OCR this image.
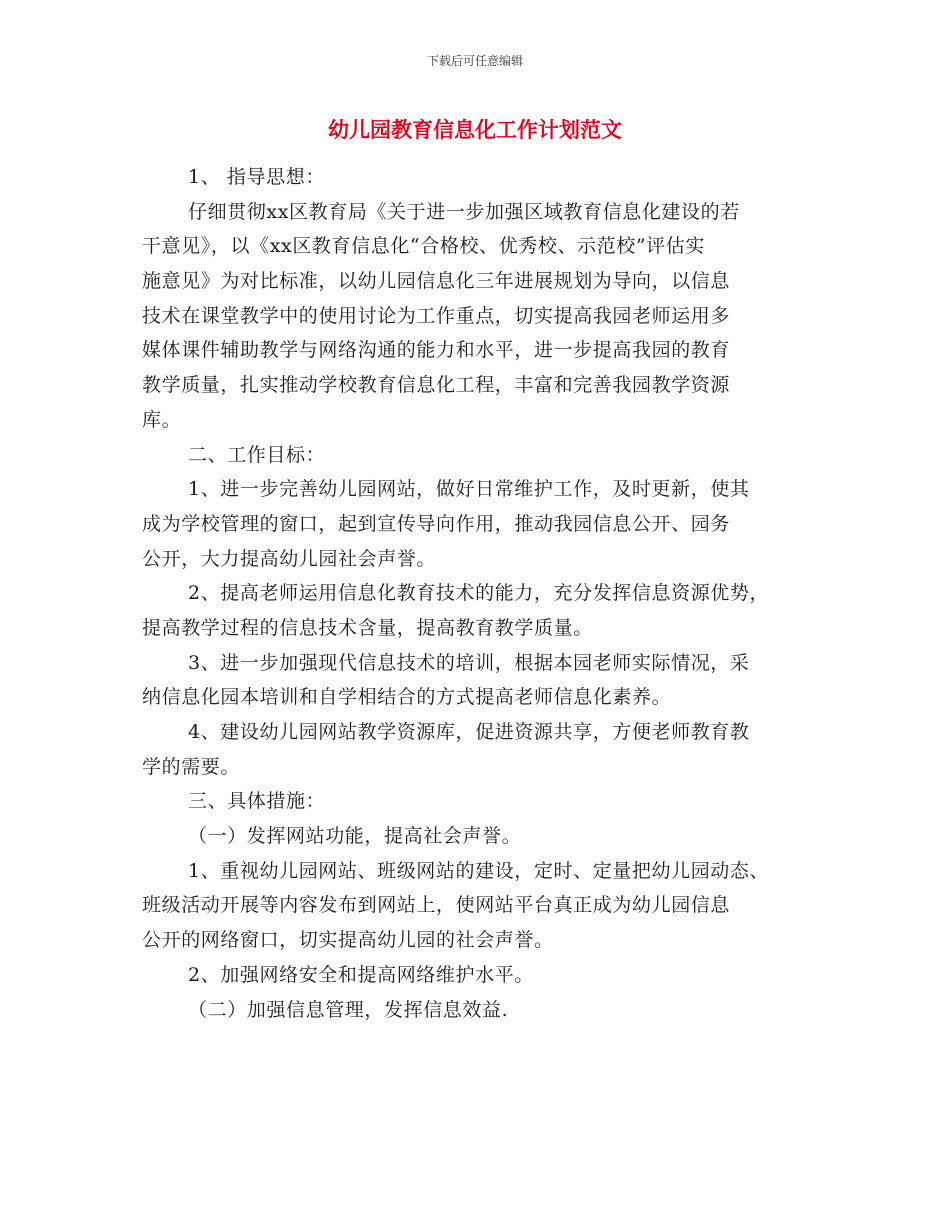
下载后可任意编辑
幼儿园教育信息化工作计划范文
1、 指导思想：
仔细贯彻xx区教育局《关于进一步加强区域教育信息化建设的若
干意见》，以《xx区教育信息化“合格校、优秀校、示范校”评估实
施意见》为对比标准，以幼儿园信息化三年进展规划为导向，以信息
技术在课堂教学中的使用讨论为工作重点，切实提高我园老师运用多
媒体课件辅助教学与网络沟通的能力和水平，进一步提高我园的教育
教学质量，扎实推动学校教育信息化工程，丰富和完善我园教学资源
库。
二、工作目标：
1、进一步完善幼儿园网站，做好日常维护工作，及时更新，使其
成为学校管理的窗口，起到宣传导向作用，推动我园信息公开、园务
公开，大力提高幼儿园社会声誉。
2、提高老师运用信息化教育技术的能力，充分发挥信息资源优势，
提高教学过程的信息技术含量，提高教育教学质量。
3、进一步加强现代信息技术的培训，根据本园老师实际情况，采
纳信息化园本培训和自学相结合的方式提高老师信息化素养。
4、建设幼儿园网站教学资源库，促进资源共享，方便老师教育教
学的需要。
三、具体措施：
（一）发挥网站功能，提高社会声誉。
1、重视幼儿园网站、班级网站的建设，定时、定量把幼儿园动态、
班级活动开展等内容发布到网站上，使网站平台真正成为幼儿园信息
公开的网络窗口，切实提高幼儿园的社会声誉。
2、加强网络安全和提高网络维护水平。
（二）加强信息管理，发挥信息效益.
